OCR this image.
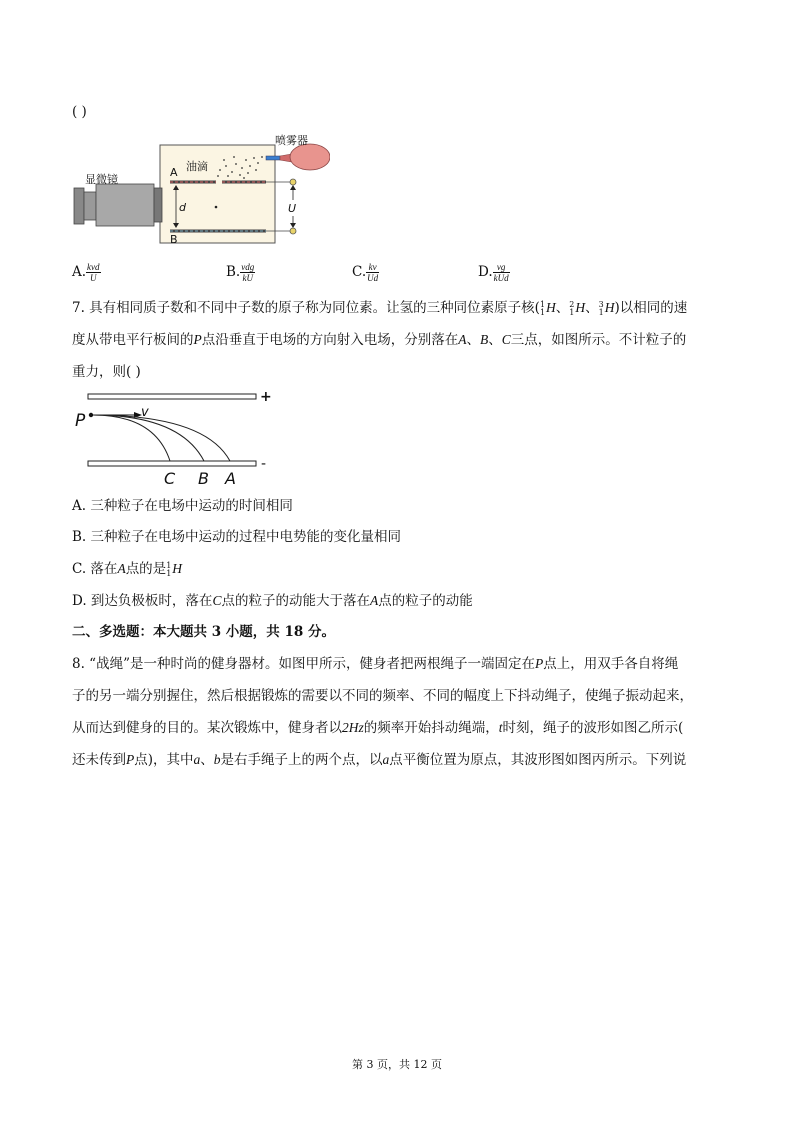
( )
喷雾器
油滴
显微镜
A
B
d	U
A. $\frac{\text{kvd}}{U}$	B. $\frac{\text{vdg}}{kU}$	C. $\frac{kv}{Ud}$	D. $\frac{vg}{\text{kUd}}$
7. 具有相同质子数和不同中子数的原子称为同位素。让氢的三种同位素原子核( 1
1 H、 2
1 H、 3
1 H)以相同的速
度从带电平行板间的P点沿垂直于电场的方向射入电场，分别落在A、B、C三点，如图所示。不计粒子的
重力，则( )
+
-
P	v
C B A
A. 三种粒子在电场中运动的时间相同
B. 三种粒子在电场中运动的过程中电势能的变化量相同
C. 落在A点的是 1
1 H
D. 到达负极板时，落在C点的粒子的动能大于落在A点的粒子的动能
二、多选题：本大题共 3 小题，共 18 分。
8. “战绳”是一种时尚的健身器材。如图甲所示，健身者把两根绳子一端固定在P点上，用双手各自将绳
子的另一端分别握住，然后根据锻炼的需要以不同的频率、不同的幅度上下抖动绳子，使绳子振动起来，
从而达到健身的目的。某次锻炼中，健身者以2Hz的频率开始抖动绳端，t时刻，绳子的波形如图乙所示(
还未传到P点)，其中a、b是右手绳子上的两个点，以a点平衡位置为原点，其波形图如图丙所示。下列说
第 3 页，共 12 页
